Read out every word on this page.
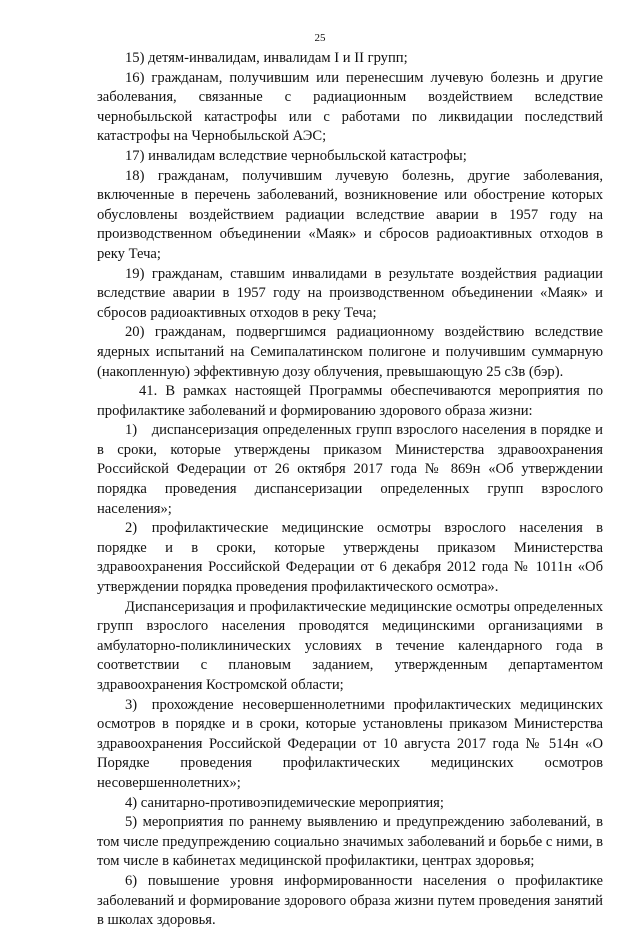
25

15) детям-инвалидам, инвалидам I и II групп;

16) гражданам, получившим или перенесшим лучевую болезнь и другие заболевания, связанные с радиационным воздействием вследствие чернобыльской катастрофы или с работами по ликвидации последствий катастрофы на Чернобыльской АЭС;

17) инвалидам вследствие чернобыльской катастрофы;

18) гражданам, получившим лучевую болезнь, другие заболевания, включенные в перечень заболеваний, возникновение или обострение которых обусловлены воздействием радиации вследствие аварии в 1957 году на производственном объединении «Маяк» и сбросов радиоактивных отходов в реку Теча;

19) гражданам, ставшим инвалидами в результате воздействия радиации вследствие аварии в 1957 году на производственном объединении «Маяк» и сбросов радиоактивных отходов в реку Теча;

20) гражданам, подвергшимся радиационному воздействию вследствие ядерных испытаний на Семипалатинском полигоне и получившим суммарную (накопленную) эффективную дозу облучения, превышающую 25 сЗв (бэр).

41. В рамках настоящей Программы обеспечиваются мероприятия по профилактике заболеваний и формированию здорового образа жизни:

1) диспансеризация определенных групп взрослого населения в порядке и в сроки, которые утверждены приказом Министерства здравоохранения Российской Федерации от 26 октября 2017 года № 869н «Об утверждении порядка проведения диспансеризации определенных групп взрослого населения»;

2) профилактические медицинские осмотры взрослого населения в порядке и в сроки, которые утверждены приказом Министерства здравоохранения Российской Федерации от 6 декабря 2012 года № 1011н «Об утверждении порядка проведения профилактического осмотра».

Диспансеризация и профилактические медицинские осмотры определенных групп взрослого населения проводятся медицинскими организациями в амбулаторно-поликлинических условиях в течение календарного года в соответствии с плановым заданием, утвержденным департаментом здравоохранения Костромской области;

3) прохождение несовершеннолетними профилактических медицинских осмотров в порядке и в сроки, которые установлены приказом Министерства здравоохранения Российской Федерации от 10 августа 2017 года № 514н «О Порядке проведения профилактических медицинских осмотров несовершеннолетних»;

4) санитарно-противоэпидемические мероприятия;

5) мероприятия по раннему выявлению и предупреждению заболеваний, в том числе предупреждению социально значимых заболеваний и борьбе с ними, в том числе в кабинетах медицинской профилактики, центрах здоровья;

6) повышение уровня информированности населения о профилактике заболеваний и формирование здорового образа жизни путем проведения занятий в школах здоровья.
